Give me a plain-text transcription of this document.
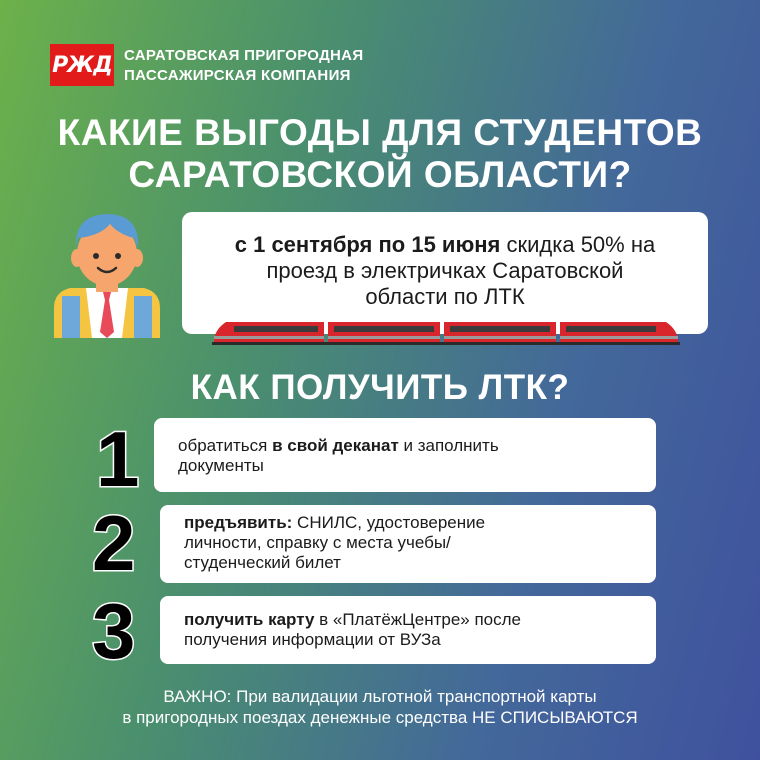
РЖД САРАТОВСКАЯ ПРИГОРОДНАЯ
ПАССАЖИРСКАЯ КОМПАНИЯ
КАКИЕ ВЫГОДЫ ДЛЯ СТУДЕНТОВ
САРАТОВСКОЙ ОБЛАСТИ?
с 1 сентября по 15 июня скидка 50% на
проезд в электричках Саратовской
области по ЛТК
КАК ПОЛУЧИТЬ ЛТК?
1 обратиться в свой деканат и заполнить
документы
2	предъявить: СНИЛС, удостоверение
личности, справку с места учебы/
студенческий билет
3	получить карту в «ПлатёжЦентре» после
получения информации от ВУЗа
ВАЖНО: При валидации льготной транспортной карты
в пригородных поездах денежные средства НЕ СПИСЫВАЮТСЯ
